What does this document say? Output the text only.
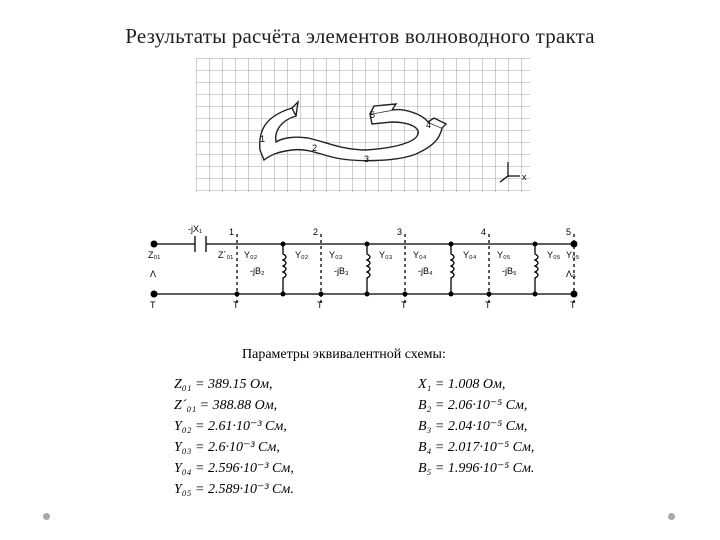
Результаты расчёта элементов волноводного тракта
5
4
1
2
3
x
-jX₁
Z₀₁
Λ
Z´₀₁
1	2	3	4	5
Y₀₂	Y₀₂ Y₀₃	Y₀₃ Y₀₄	Y₀₄ Y₀₅	Y₀₅
-jB₂	-jB₃	-jB₄	-jB₅
Y₀₅
Λ₀
T	T	T	T	T	T
Параметры эквивалентной схемы:
Z₀₁ = 389.15 Ом,
Z´₀₁ = 388.88 Ом,
Y₀₂ = 2.61·10⁻³ См,
Y₀₃ = 2.6·10⁻³ См,
Y₀₄ = 2.596·10⁻³ См,
Y₀₅ = 2.589·10⁻³ См.
X₁ = 1.008 Ом,
B₂ = 2.06·10⁻⁵ См,
B₃ = 2.04·10⁻⁵ См,
B₄ = 2.017·10⁻⁵ См,
B₅ = 1.996·10⁻⁵ См.
